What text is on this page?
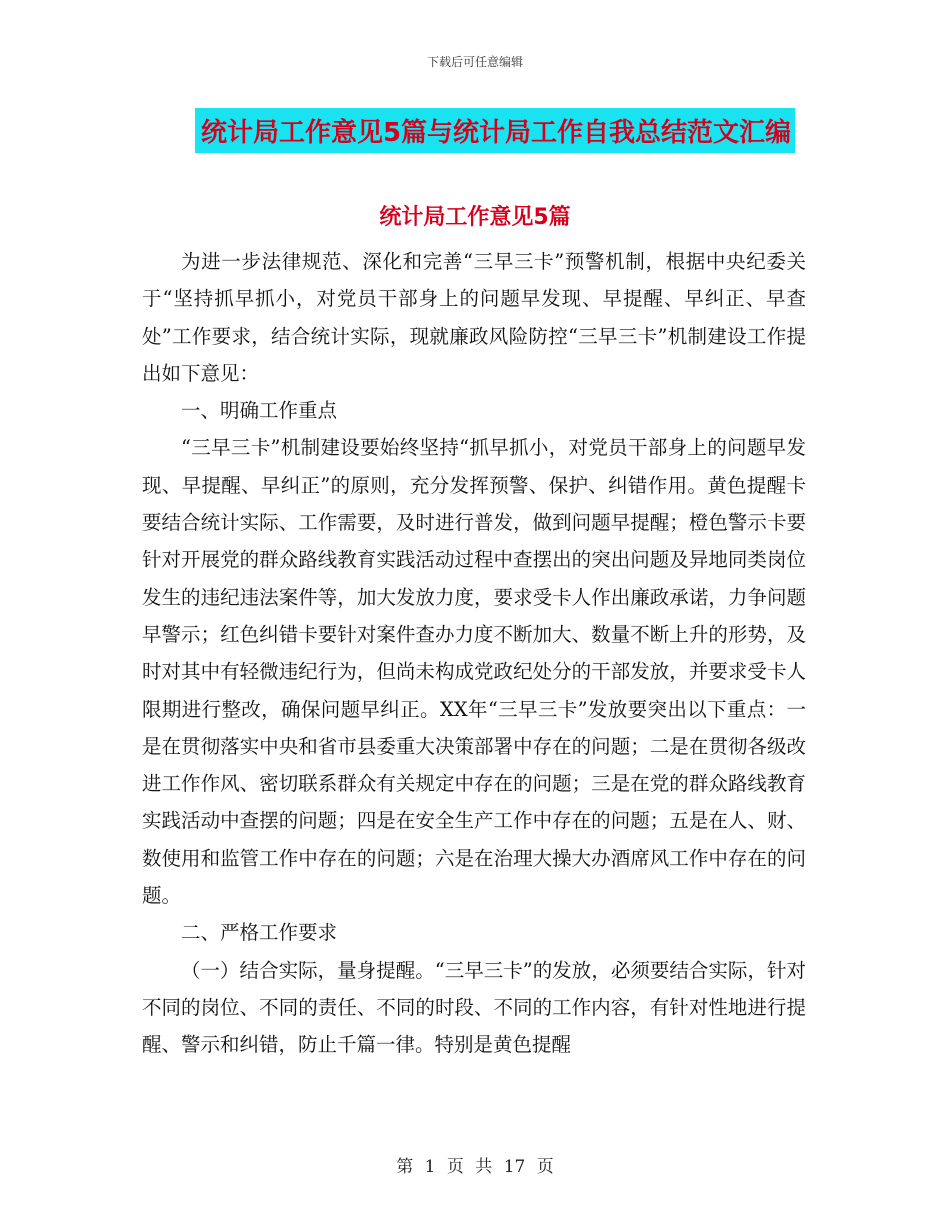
下载后可任意编辑
统计局工作意见5篇与统计局工作自我总结范文汇编
统计局工作意见5篇

为进一步法律规范、深化和完善“三早三卡”预警机制，根据中央纪委关于“坚持抓早抓小，对党员干部身上的问题早发现、早提醒、早纠正、早查处”工作要求，结合统计实际，现就廉政风险防控“三早三卡”机制建设工作提出如下意见：

一、明确工作重点

“三早三卡”机制建设要始终坚持“抓早抓小，对党员干部身上的问题早发现、早提醒、早纠正”的原则，充分发挥预警、保护、纠错作用。黄色提醒卡要结合统计实际、工作需要，及时进行普发，做到问题早提醒；橙色警示卡要针对开展党的群众路线教育实践活动过程中查摆出的突出问题及异地同类岗位发生的违纪违法案件等，加大发放力度，要求受卡人作出廉政承诺，力争问题早警示；红色纠错卡要针对案件查办力度不断加大、数量不断上升的形势，及时对其中有轻微违纪行为，但尚未构成党政纪处分的干部发放，并要求受卡人限期进行整改，确保问题早纠正。XX年“三早三卡”发放要突出以下重点：一是在贯彻落实中央和省市县委重大决策部署中存在的问题；二是在贯彻各级改进工作作风、密切联系群众有关规定中存在的问题；三是在党的群众路线教育实践活动中查摆的问题；四是在安全生产工作中存在的问题；五是在人、财、数使用和监管工作中存在的问题；六是在治理大操大办酒席风工作中存在的问题。

二、严格工作要求

（一）结合实际，量身提醒。“三早三卡”的发放，必须要结合实际，针对不同的岗位、不同的责任、不同的时段、不同的工作内容，有针对性地进行提醒、警示和纠错，防止千篇一律。特别是黄色提醒

第 1 页 共 17 页
